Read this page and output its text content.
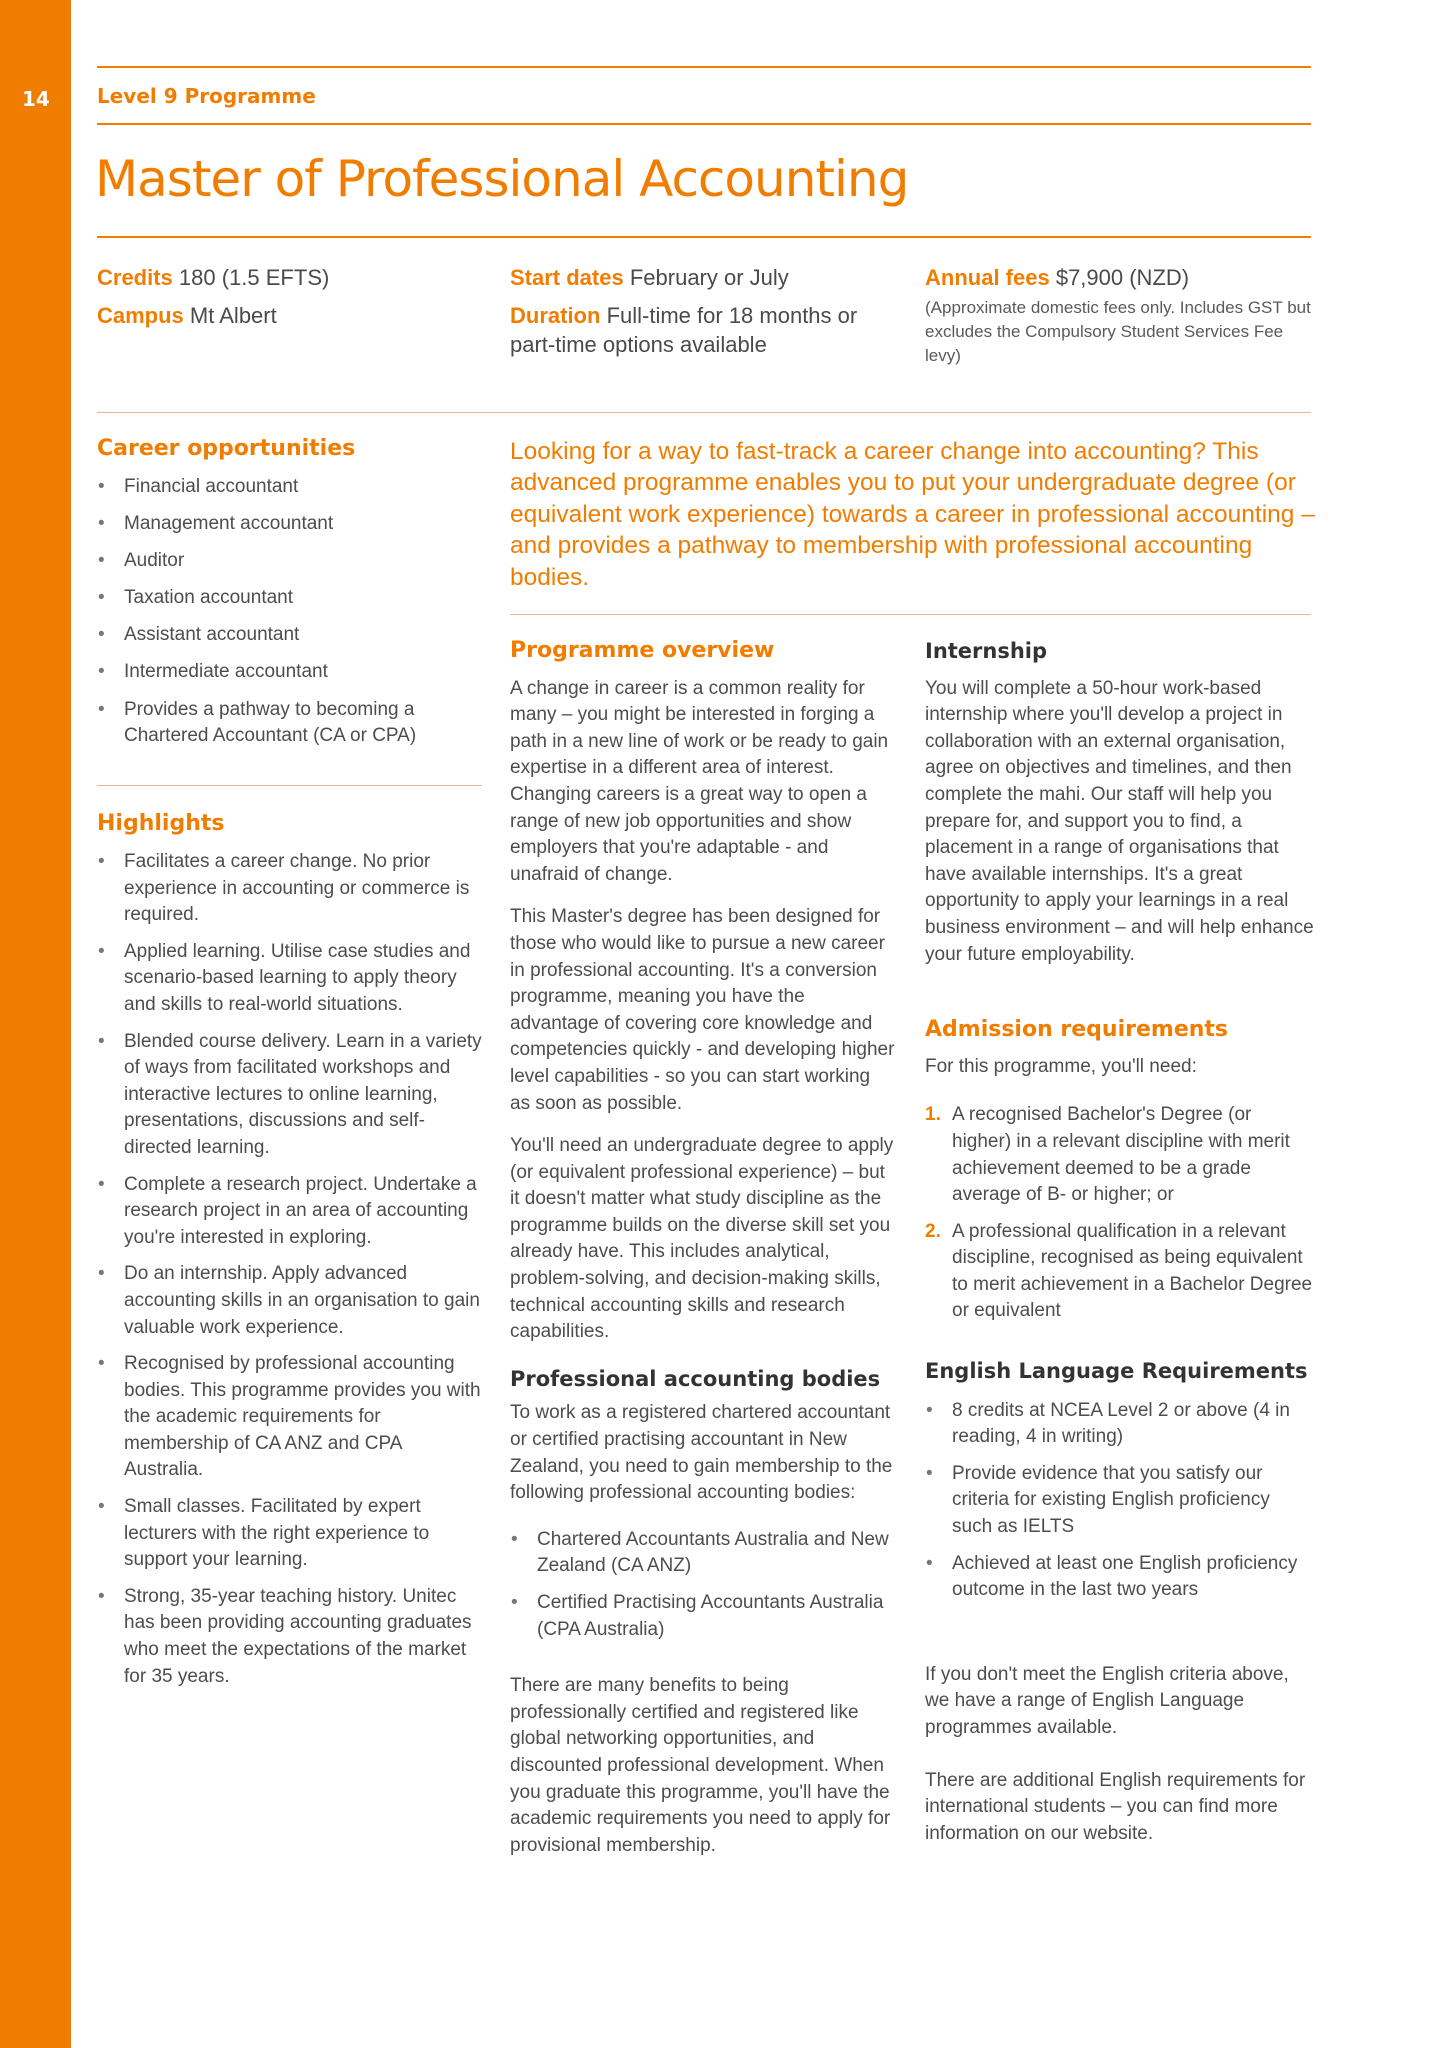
14 Level 9 Programme
Master of Professional Accounting
Credits 180 (1.5 EFTS)
Campus Mt Albert
Start dates February or July
Duration Full-time for 18 months or part-time options available
Annual fees $7,900 (NZD)
(Approximate domestic fees only. Includes GST but excludes the Compulsory Student Services Fee levy)
Career opportunities
• Financial accountant
• Management accountant
• Auditor
• Taxation accountant
• Assistant accountant
• Intermediate accountant
• Provides a pathway to becoming a Chartered Accountant (CA or CPA)
Highlights
• Facilitates a career change. No prior experience in accounting or commerce is required.
• Applied learning. Utilise case studies and scenario-based learning to apply theory and skills to real-world situations.
• Blended course delivery. Learn in a variety of ways from facilitated workshops and interactive lectures to online learning, presentations, discussions and self-directed learning.
• Complete a research project. Undertake a research project in an area of accounting you're interested in exploring.
• Do an internship. Apply advanced accounting skills in an organisation to gain valuable work experience.
• Recognised by professional accounting bodies. This programme provides you with the academic requirements for membership of CA ANZ and CPA Australia.
• Small classes. Facilitated by expert lecturers with the right experience to support your learning.
• Strong, 35-year teaching history. Unitec has been providing accounting graduates who meet the expectations of the market for 35 years.
Looking for a way to fast-track a career change into accounting? This advanced programme enables you to put your undergraduate degree (or equivalent work experience) towards a career in professional accounting – and provides a pathway to membership with professional accounting bodies.
Programme overview

A change in career is a common reality for many – you might be interested in forging a path in a new line of work or be ready to gain expertise in a different area of interest. Changing careers is a great way to open a range of new job opportunities and show employers that you're adaptable - and unafraid of change.

This Master's degree has been designed for those who would like to pursue a new career in professional accounting. It's a conversion programme, meaning you have the advantage of covering core knowledge and competencies quickly - and developing higher level capabilities - so you can start working as soon as possible.

You'll need an undergraduate degree to apply (or equivalent professional experience) – but it doesn't matter what study discipline as the programme builds on the diverse skill set you already have. This includes analytical, problem-solving, and decision-making skills, technical accounting skills and research capabilities.

Professional accounting bodies

To work as a registered chartered accountant or certified practising accountant in New Zealand, you need to gain membership to the following professional accounting bodies:

• Chartered Accountants Australia and New Zealand (CA ANZ)
• Certified Practising Accountants Australia (CPA Australia)

There are many benefits to being professionally certified and registered like global networking opportunities, and discounted professional development. When you graduate this programme, you'll have the academic requirements you need to apply for provisional membership.

Internship

You will complete a 50-hour work-based internship where you'll develop a project in collaboration with an external organisation, agree on objectives and timelines, and then complete the mahi. Our staff will help you prepare for, and support you to find, a placement in a range of organisations that have available internships. It's a great opportunity to apply your learnings in a real business environment – and will help enhance your future employability.

Admission requirements

For this programme, you'll need:

1. A recognised Bachelor's Degree (or higher) in a relevant discipline with merit achievement deemed to be a grade average of B- or higher; or
2. A professional qualification in a relevant discipline, recognised as being equivalent to merit achievement in a Bachelor Degree or equivalent
English Language Requirements
• 8 credits at NCEA Level 2 or above (4 in reading, 4 in writing)
• Provide evidence that you satisfy our criteria for existing English proficiency such as IELTS
• Achieved at least one English proficiency outcome in the last two years

If you don't meet the English criteria above, we have a range of English Language programmes available.

There are additional English requirements for international students – you can find more information on our website.
